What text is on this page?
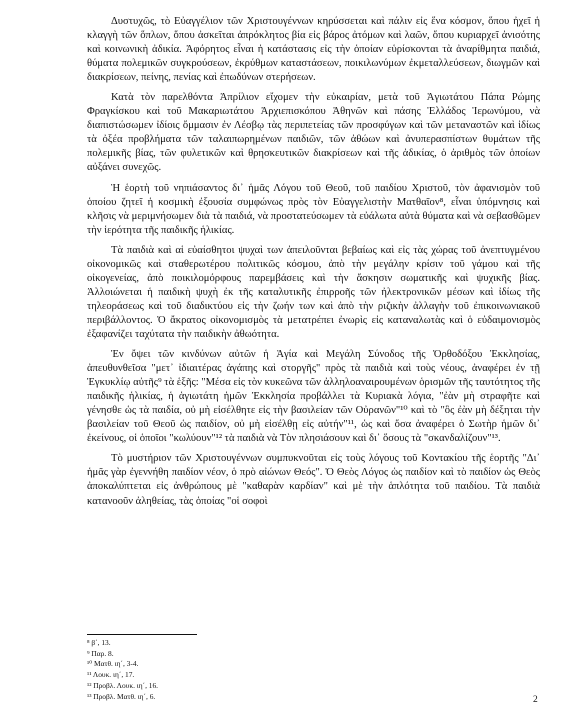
Δυστυχῶς, τὸ Εὐαγγέλιον τῶν Χριστουγέννων κηρύσσεται καὶ πάλιν εἰς ἕνα κόσμον, ὅπου ἠχεῖ ἡ κλαγγὴ τῶν ὅπλων, ὅπου ἀσκεῖται ἀπρόκλητος βία εἰς βάρος ἀτόμων καὶ λαῶν, ὅπου κυριαρχεῖ ἀνισότης καὶ κοινωνικὴ ἀδικία. Ἀφόρητος εἶναι ἡ κατάστασις εἰς τὴν ὁποίαν εὑρίσκονται τὰ ἀναρίθμητα παιδιά, θύματα πολεμικῶν συγκρούσεων, ἐκρύθμων καταστάσεων, ποικιλωνύμων ἐκμεταλλεύσεων, διωγμῶν καὶ διακρίσεων, πείνης, πενίας καὶ ἐπωδύνων στερήσεων.

Κατὰ τὸν παρελθόντα Ἀπρίλιον εἴχομεν τὴν εὐκαιρίαν, μετὰ τοῦ Ἁγιωτάτου Πάπα Ρώμης Φραγκίσκου καὶ τοῦ Μακαριωτάτου Ἀρχιεπισκόπου Ἀθηνῶν καὶ πάσης Ἑλλάδος Ἱερωνύμου, νὰ διαπιστώσωμεν ἰδίοις ὄμμασιν ἐν Λέσβῳ τὰς περιπετείας τῶν προσφύγων καὶ τῶν μεταναστῶν καὶ ἰδίως τὰ ὀξέα προβλήματα τῶν ταλαιπωρημένων παιδιῶν, τῶν ἀθώων καὶ ἀνυπερασπίστων θυμάτων τῆς πολεμικῆς βίας, τῶν φυλετικῶν καὶ θρησκευτικῶν διακρίσεων καὶ τῆς ἀδικίας, ὁ ἀριθμὸς τῶν ὁποίων αὐξάνει συνεχῶς.

Ἡ ἑορτὴ τοῦ νηπιάσαντος δι᾽ ἡμᾶς Λόγου τοῦ Θεοῦ, τοῦ παιδίου Χριστοῦ, τὸν ἀφανισμὸν τοῦ ὁποίου ζητεῖ ἡ κοσμικὴ ἐξουσία συμφώνως πρὸς τὸν Εὐαγγελιστὴν Ματθαῖον⁸, εἶναι ὑπόμνησις καὶ κλῆσις νὰ μεριμνήσωμεν διὰ τὰ παιδιά, νὰ προστατεύσωμεν τὰ εὐάλωτα αὐτὰ θύματα καὶ νὰ σεβασθῶμεν τὴν ἱερότητα τῆς παιδικῆς ἡλικίας.

Τὰ παιδιὰ καὶ αἱ εὐαίσθητοι ψυχαὶ των ἀπειλοῦνται βεβαίως καὶ εἰς τὰς χώρας τοῦ ἀνεπτυγμένου οἰκονομικῶς καὶ σταθερωτέρου πολιτικῶς κόσμου, ἀπὸ τὴν μεγάλην κρίσιν τοῦ γάμου καὶ τῆς οἰκογενείας, ἀπὸ ποικιλομόρφους παρεμβάσεις καὶ τὴν ἄσκησιν σωματικῆς καὶ ψυχικῆς βίας. Ἀλλοιώνεται ἡ παιδικὴ ψυχὴ ἐκ τῆς καταλυτικῆς ἐπιρροῆς τῶν ἠλεκτρονικῶν μέσων καὶ ἰδίως τῆς τηλεοράσεως καὶ τοῦ διαδικτύου εἰς τὴν ζωήν των καὶ ἀπὸ τὴν ριζικὴν ἀλλαγὴν τοῦ ἐπικοινωνιακοῦ περιβάλλοντος. Ὁ ἄκρατος οἰκονομισμὸς τὰ μετατρέπει ἐνωρὶς εἰς καταναλωτὰς καὶ ὁ εὐδαιμονισμὸς ἐξαφανίζει ταχύτατα τὴν παιδικὴν ἀθωότητα.

Ἐν ὄψει τῶν κινδύνων αὐτῶν ἡ Ἁγία καὶ Μεγάλη Σύνοδος τῆς Ὀρθοδόξου Ἐκκλησίας, ἀπευθυνθεῖσα "μετ᾽ ἰδιαιτέρας ἀγάπης καὶ στοργῆς" πρὸς τὰ παιδιὰ καὶ τοὺς νέους, ἀναφέρει ἐν τῇ Ἐγκυκλίῳ αὐτῆς⁹ τὰ ἑξῆς: "Μέσα εἰς τὸν κυκεῶνα τῶν ἀλληλοαναιρουμένων ὁρισμῶν τῆς ταυτότητος τῆς παιδικῆς ἡλικίας, ἡ ἁγιωτάτη ἡμῶν Ἐκκλησία προβάλλει τὰ Κυριακὰ λόγια, "ἐὰν μὴ στραφῆτε καὶ γένησθε ὡς τὰ παιδία, οὐ μὴ εἰσέλθητε εἰς τὴν βασιλείαν τῶν Οὐρανῶν"¹⁰ καὶ τὸ "ὃς ἐὰν μὴ δέξηται τὴν βασιλείαν τοῦ Θεοῦ ὡς παιδίον, οὐ μὴ εἰσέλθῃ εἰς αὐτήν"¹¹, ὡς καὶ ὅσα ἀναφέρει ὁ Σωτὴρ ἡμῶν δι᾽ ἐκείνους, οἱ ὁποῖοι "κωλύουν"¹² τὰ παιδιὰ νὰ Τὸν πλησιάσουν καὶ δι᾽ ὅσους τὰ "σκανδαλίζουν"¹³.

Τὸ μυστήριον τῶν Χριστουγέννων συμπυκνοῦται εἰς τοὺς λόγους τοῦ Κοντακίου τῆς ἑορτῆς "Δι᾽ ἡμᾶς γὰρ ἐγεννήθη παιδίον νέον, ὁ πρὸ αἰώνων Θεός". Ὁ Θεὸς Λόγος ὡς παιδίον καὶ τὸ παιδίον ὡς Θεὸς ἀποκαλύπτεται εἰς ἀνθρώπους μὲ "καθαρὰν καρδίαν" καὶ μὲ τὴν ἁπλότητα τοῦ παιδίου. Τὰ παιδιὰ κατανοοῦν ἀληθείας, τὰς ὁποίας "οἱ σοφοὶ

⁸ β΄, 13.
⁹ Παρ. 8.
¹⁰ Ματθ. ιη΄, 3-4.
¹¹ Λουκ. ιη΄, 17.
¹² Προβλ. Λουκ. ιη΄, 16.
¹³ Προβλ. Ματθ. ιη΄, 6.	2
